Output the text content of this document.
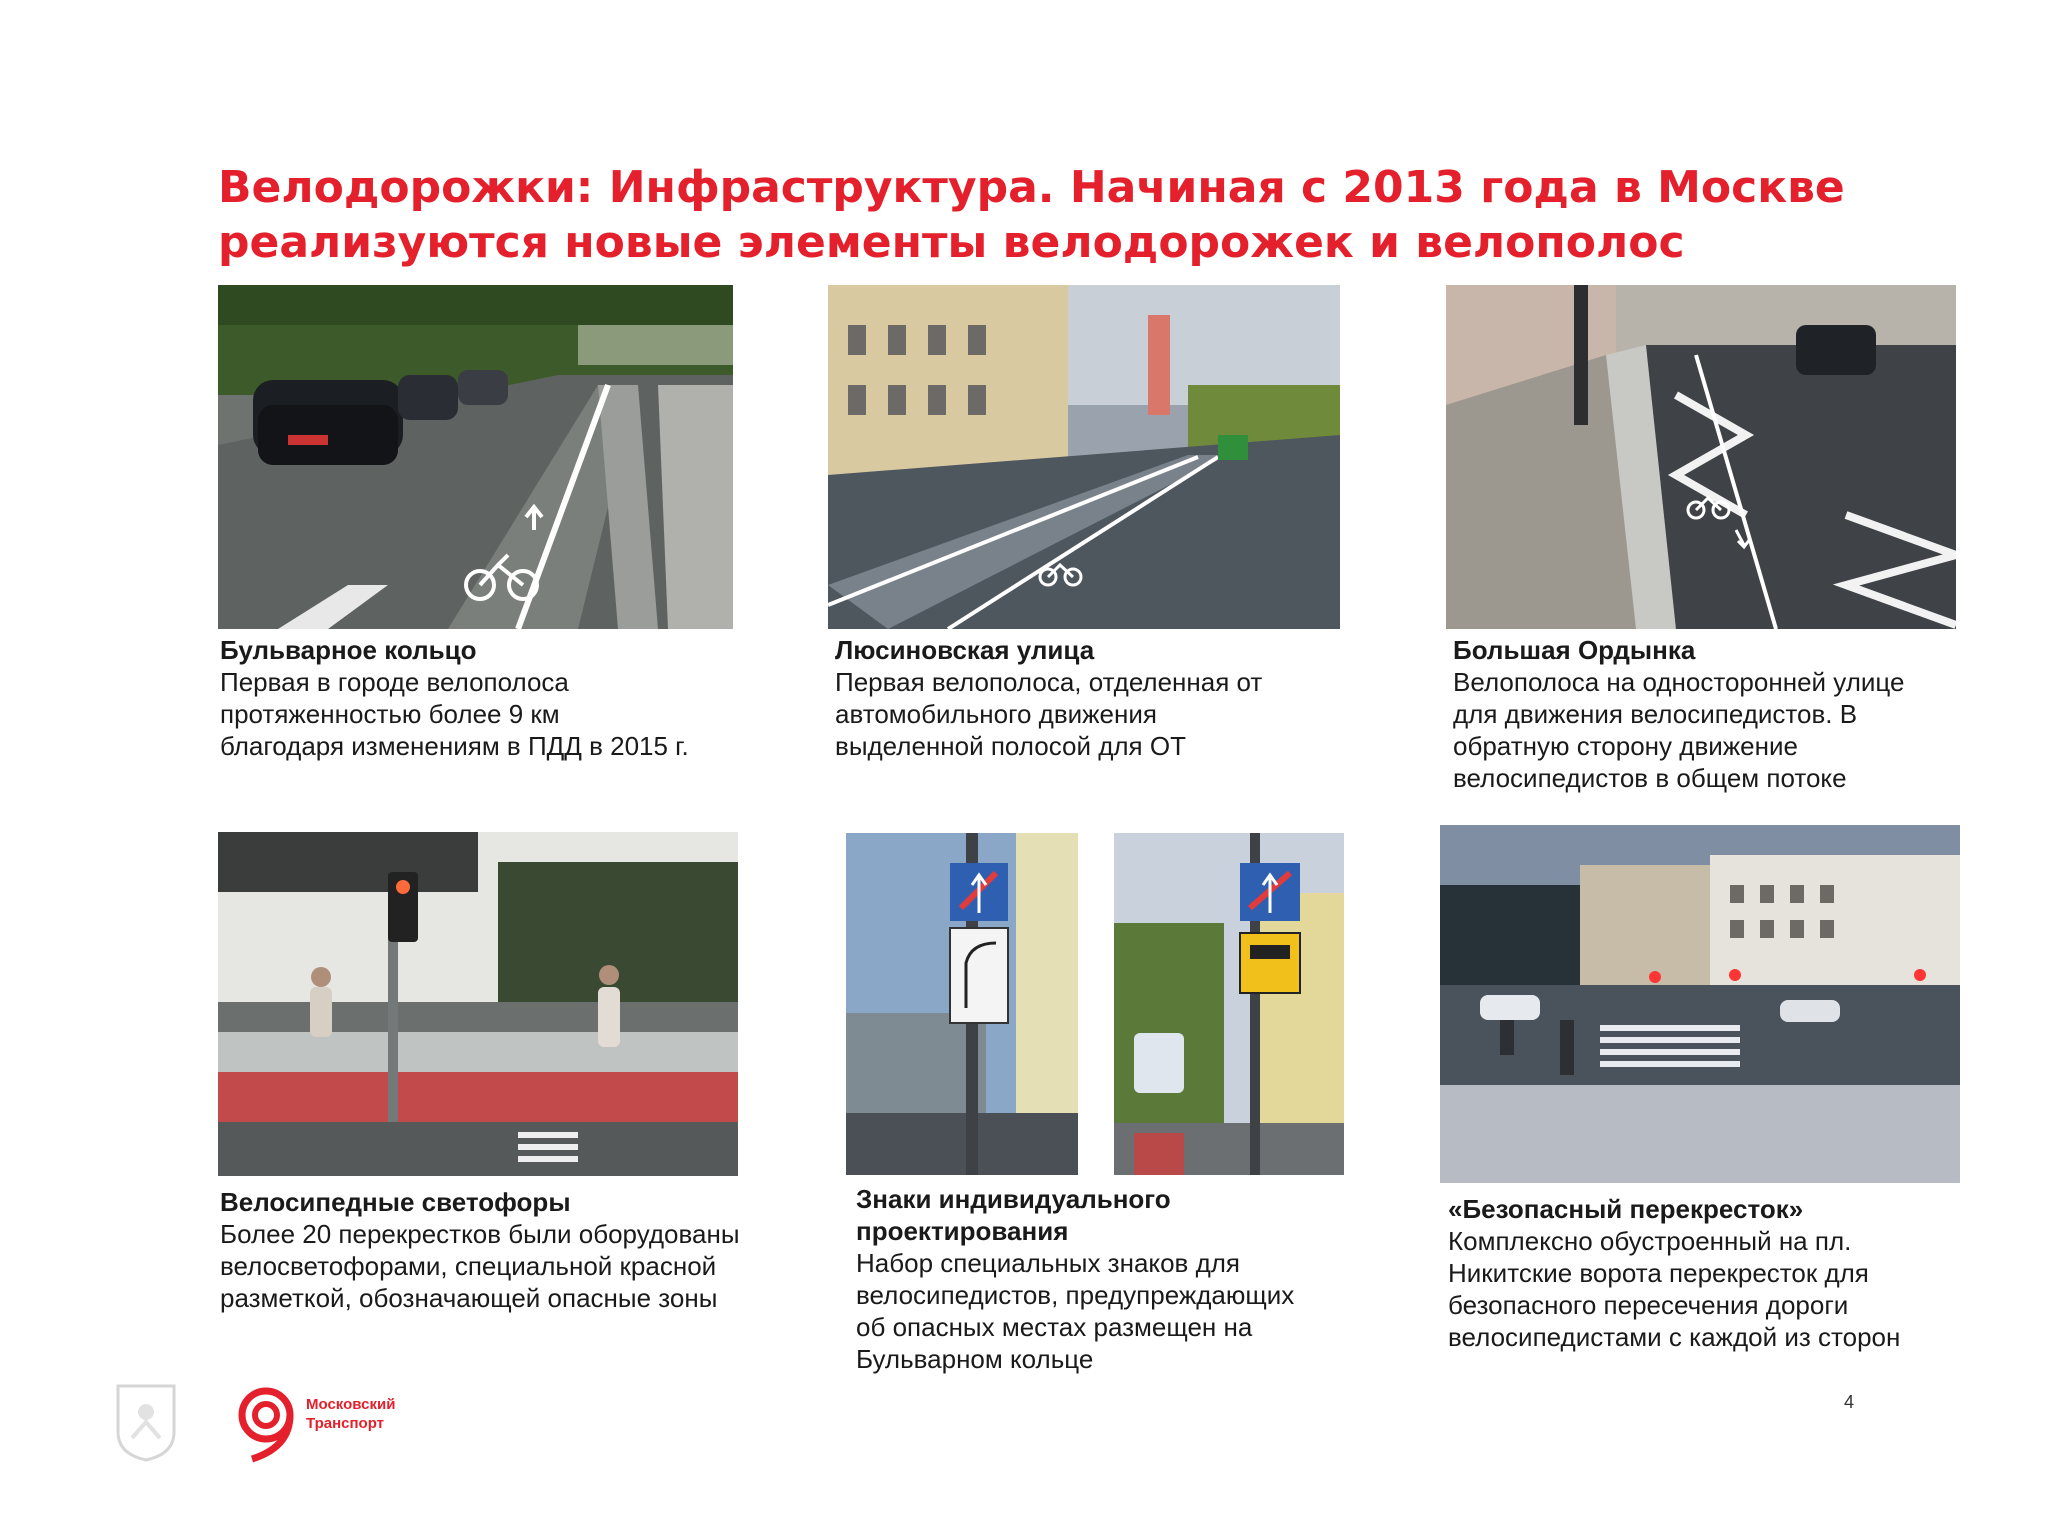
Велодорожки: Инфраструктура. Начиная с 2013 года в Москве
реализуются новые элементы велодорожек и велополос
Бульварное кольцо
Первая в городе велополоса
протяженностью более 9 км
благодаря изменениям в ПДД в 2015 г.
Люсиновская улица
Первая велополоса, отделенная от
автомобильного движения
выделенной полосой для ОТ
Большая Ордынка
Велополоса на односторонней улице
для движения велосипедистов. В
обратную сторону движение
велосипедистов в общем потоке
Велосипедные светофоры
Более 20 перекрестков были оборудованы
велосветофорами, специальной красной
разметкой, обозначающей опасные зоны
Знаки индивидуального
проектирования
Набор специальных знаков для
велосипедистов, предупреждающих
об опасных местах размещен на
Бульварном кольце
«Безопасный перекресток»
Комплексно обустроенный на пл.
Никитские ворота перекресток для
безопасного пересечения дороги
велосипедистами с каждой из сторон
Московский
Транспорт
4
